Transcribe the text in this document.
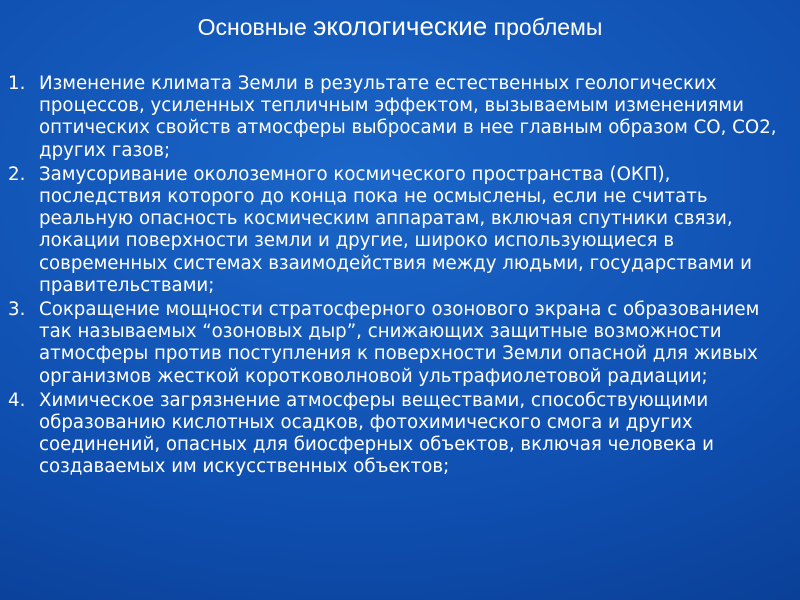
Основные экологические проблемы
1. Изменение климата Земли в результате естественных геологических процессов, усиленных тепличным эффектом, вызываемым изменениями оптических свойств атмосферы выбросами в нее главным образом CO, CO2, других газов;
2. Замусоривание околоземного космического пространства (ОКП), последствия которого до конца пока не осмыслены, если не считать реальную опасность космическим аппаратам, включая спутники связи, локации поверхности земли и другие, широко использующиеся в современных системах взаимодействия между людьми, государствами и правительствами;
3. Сокращение мощности стратосферного озонового экрана с образованием так называемых “озоновых дыр”, снижающих защитные возможности атмосферы против поступления к поверхности Земли опасной для живых организмов жесткой коротковолновой ультрафиолетовой радиации;
4. Химическое загрязнение атмосферы веществами, способствующими образованию кислотных осадков, фотохимического смога и других соединений, опасных для биосферных объектов, включая человека и создаваемых им искусственных объектов;
